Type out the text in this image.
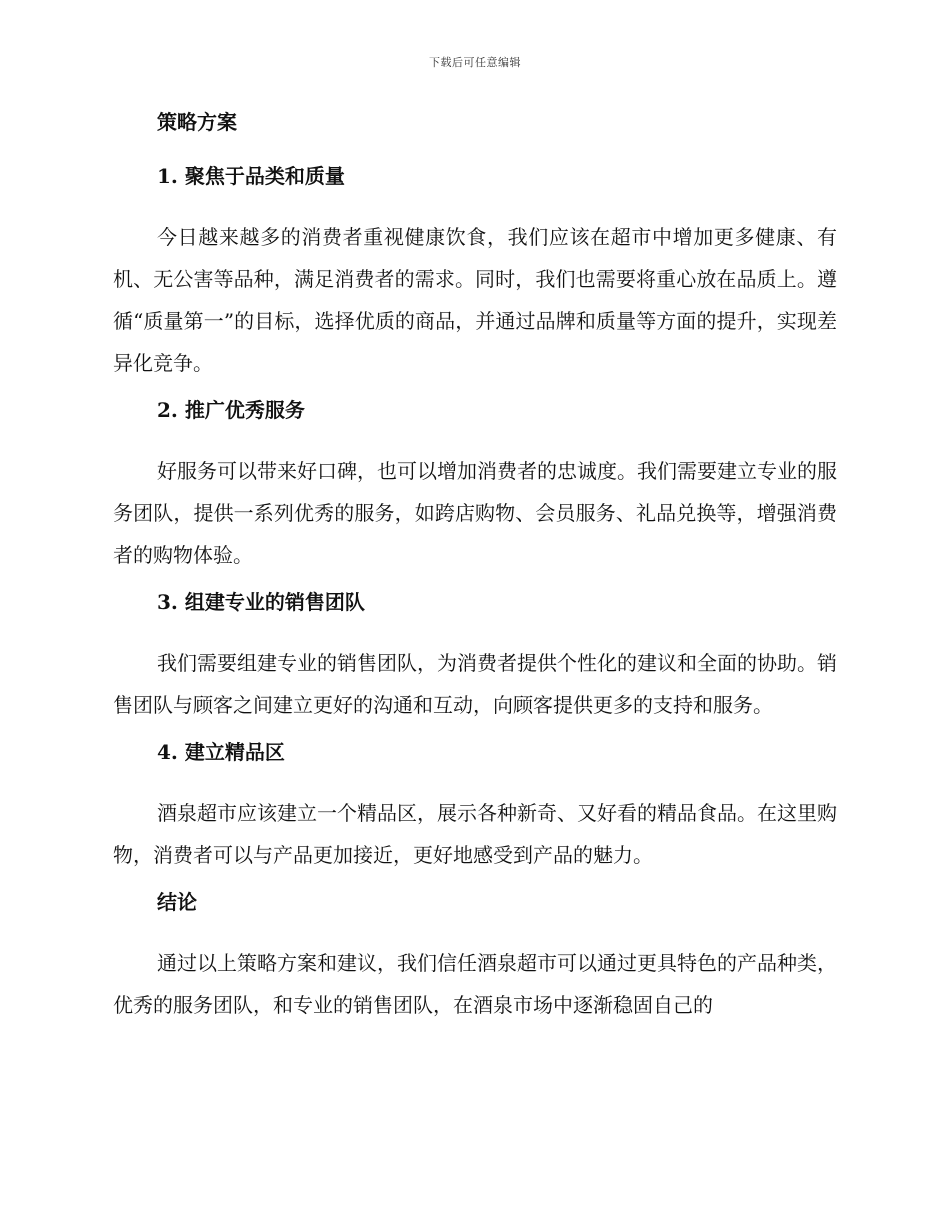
下载后可任意编辑
策略方案
1. 聚焦于品类和质量

今日越来越多的消费者重视健康饮食，我们应该在超市中增加更多健康、有机、无公害等品种，满足消费者的需求。同时，我们也需要将重心放在品质上。遵循“质量第一”的目标，选择优质的商品，并通过品牌和质量等方面的提升，实现差异化竞争。

2. 推广优秀服务

好服务可以带来好口碑，也可以增加消费者的忠诚度。我们需要建立专业的服务团队，提供一系列优秀的服务，如跨店购物、会员服务、礼品兑换等，增强消费者的购物体验。

3. 组建专业的销售团队

我们需要组建专业的销售团队，为消费者提供个性化的建议和全面的协助。销售团队与顾客之间建立更好的沟通和互动，向顾客提供更多的支持和服务。

4. 建立精品区

酒泉超市应该建立一个精品区，展示各种新奇、又好看的精品食品。在这里购物，消费者可以与产品更加接近，更好地感受到产品的魅力。

结论

通过以上策略方案和建议，我们信任酒泉超市可以通过更具特色的产品种类，优秀的服务团队，和专业的销售团队，在酒泉市场中逐渐稳固自己的
